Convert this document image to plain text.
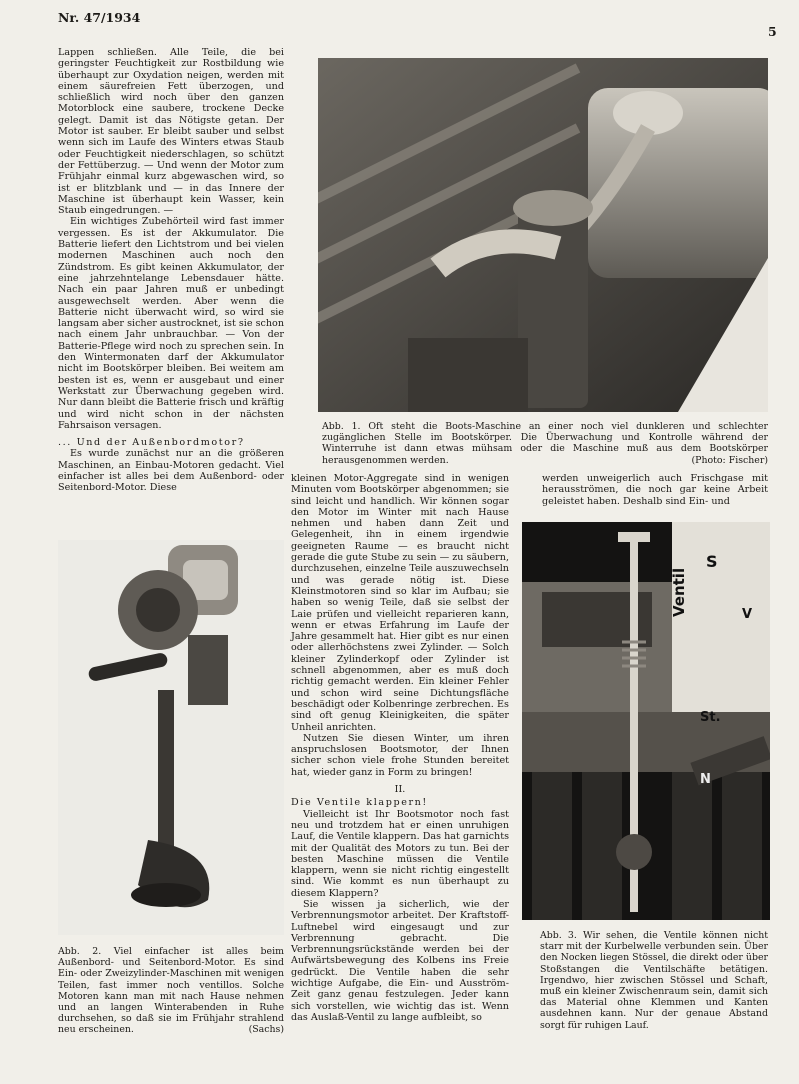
Nr. 47/1934
5

Lappen schließen. Alle Teile, die bei geringster Feuchtigkeit zur Rostbildung wie überhaupt zur Oxydation neigen, werden mit einem säurefreien Fett überzogen, und schließlich wird noch über den ganzen Motorblock eine saubere, trockene Decke gelegt. Damit ist das Nötigste getan. Der Motor ist sauber. Er bleibt sauber und selbst wenn sich im Laufe des Winters etwas Staub oder Feuchtigkeit niederschlagen, so schützt der Fettüberzug. — Und wenn der Motor zum Frühjahr einmal kurz abgewaschen wird, so ist er blitzblank und — in das Innere der Maschine ist überhaupt kein Wasser, kein Staub eingedrungen. —

Ein wichtiges Zubehörteil wird fast immer vergessen. Es ist der Akkumulator. Die Batterie liefert den Lichtstrom und bei vielen modernen Maschinen auch noch den Zündstrom. Es gibt keinen Akkumulator, der eine jahrzehntelange Lebensdauer hätte. Nach ein paar Jahren muß er unbedingt ausgewechselt werden. Aber wenn die Batterie nicht überwacht wird, so wird sie langsam aber sicher austrocknet, ist sie schon nach einem Jahr unbrauchbar. — Von der Batterie-Pflege wird noch zu sprechen sein. In den Wintermonaten darf der Akkumulator nicht im Bootskörper bleiben. Bei weitem am besten ist es, wenn er ausgebaut und einer Werkstatt zur Überwachung gegeben wird. Nur dann bleibt die Batterie frisch und kräftig und wird nicht schon in der nächsten Fahrsaison versagen.

... Und der Außenbordmotor?

Es wurde zunächst nur an die größeren Maschinen, an Einbau-Motoren gedacht. Viel einfacher ist alles bei dem Außenbord- oder Seitenbord-Motor. Diese

Abb. 1. Oft steht die Boots-Maschine an einer noch viel dunkleren und schlechter zugänglichen Stelle im Bootskörper. Die Überwachung und Kontrolle während der Winterruhe ist dann etwas mühsam oder die Maschine muß aus dem Bootskörper herausgenommen werden.	(Photo: Fischer)
Abb. 2. Viel einfacher ist alles beim Außenbord- und Seitenbord-Motor. Es sind Ein- oder Zweizylinder-Maschinen mit wenigen Teilen, fast immer noch ventillos. Solche Motoren kann man mit nach Hause nehmen und an langen Winterabenden in Ruhe durchsehen, so daß sie im Frühjahr strahlend neu erscheinen.	(Sachs)

kleinen Motor-Aggregate sind in wenigen Minuten vom Bootskörper abgenommen; sie sind leicht und handlich. Wir können sogar den Motor im Winter mit nach Hause nehmen und haben dann Zeit und Gelegenheit, ihn in einem irgendwie geeigneten Raume — es braucht nicht gerade die gute Stube zu sein — zu säubern, durchzusehen, einzelne Teile auszuwechseln und was gerade nötig ist. Diese Kleinstmotoren sind so klar im Aufbau; sie haben so wenig Teile, daß sie selbst der Laie prüfen und vielleicht reparieren kann, wenn er etwas Erfahrung im Laufe der Jahre gesammelt hat. Hier gibt es nur einen oder allerhöchstens zwei Zylinder. — Solch kleiner Zylinderkopf oder Zylinder ist schnell abgenommen, aber es muß doch richtig gemacht werden. Ein kleiner Fehler und schon wird seine Dichtungsfläche beschädigt oder Kolbenringe zerbrechen. Es sind oft genug Kleinigkeiten, die später Unheil anrichten.

Nutzen Sie diesen Winter, um ihren anspruchslosen Bootsmotor, der Ihnen sicher schon viele frohe Stunden bereitet hat, wieder ganz in Form zu bringen!

II.

Die Ventile klappern!

Vielleicht ist Ihr Bootsmotor noch fast neu und trotzdem hat er einen unruhigen Lauf, die Ventile klappern. Das hat garnichts mit der Qualität des Motors zu tun. Bei der besten Maschine müssen die Ventile klappern, wenn sie nicht richtig eingestellt sind. Wie kommt es nun überhaupt zu diesem Klappern?

Sie wissen ja sicherlich, wie der Verbrennungsmotor arbeitet. Der Kraftstoff-Luftnebel wird eingesaugt und zur Verbrennung gebracht. Die Verbrennungsrückstände werden bei der Aufwärtsbewegung des Kolbens ins Freie gedrückt. Die Ventile haben die sehr wichtige Aufgabe, die Ein- und Ausström-Zeit ganz genau festzulegen. Jeder kann sich vorstellen, wie wichtig das ist. Wenn das Auslaß-Ventil zu lange aufbleibt, so

werden unweigerlich auch Frischgase mit herausströmen, die noch gar keine Arbeit geleistet haben. Deshalb sind Ein- und

S
V
Ventil
St.
N
Abb. 3. Wir sehen, die Ventile können nicht starr mit der Kurbelwelle verbunden sein. Über den Nocken liegen Stössel, die direkt oder über Stoßstangen die Ventilschäfte betätigen. Irgendwo, hier zwischen Stössel und Schaft, muß ein kleiner Zwischenraum sein, damit sich das Material ohne Klemmen und Kanten ausdehnen kann. Nur der genaue Abstand sorgt für ruhigen Lauf.
